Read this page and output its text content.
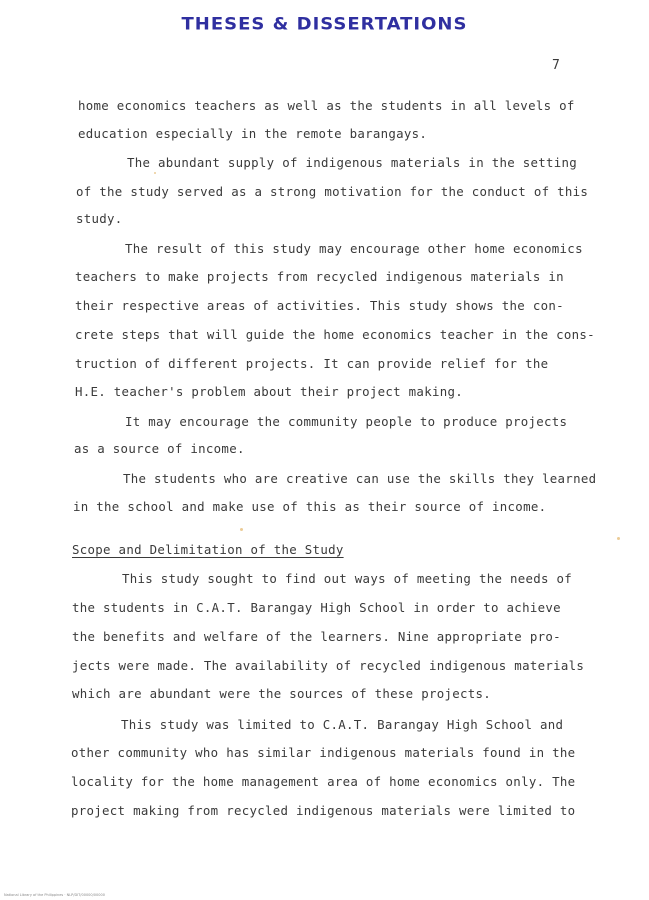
THESES & DISSERTATIONS
7
home economics teachers as well as the students in all levels of
education especially in the remote barangays.
The abundant supply of indigenous materials in the setting
of the study served as a strong motivation for the conduct of this
study.
The result of this study may encourage other home economics
teachers to make projects from recycled indigenous materials in
their respective areas of activities. This study shows the con-
crete steps that will guide the home economics teacher in the cons-
truction of different projects. It can provide relief for the
H.E. teacher's problem about their project making.
It may encourage the community people to produce projects
as a source of income.
The students who are creative can use the skills they learned
in the school and make use of this as their source of income.
Scope and Delimitation of the Study
This study sought to find out ways of meeting the needs of
the students in C.A.T. Barangay High School in order to achieve
the benefits and welfare of the learners. Nine appropriate pro-
jects were made. The availability of recycled indigenous materials
which are abundant were the sources of these projects.
This study was limited to C.A.T. Barangay High School and
other community who has similar indigenous materials found in the
locality for the home management area of home economics only. The
project making from recycled indigenous materials were limited to
National Library of the Philippines · NLP/DIT/00000/00000
